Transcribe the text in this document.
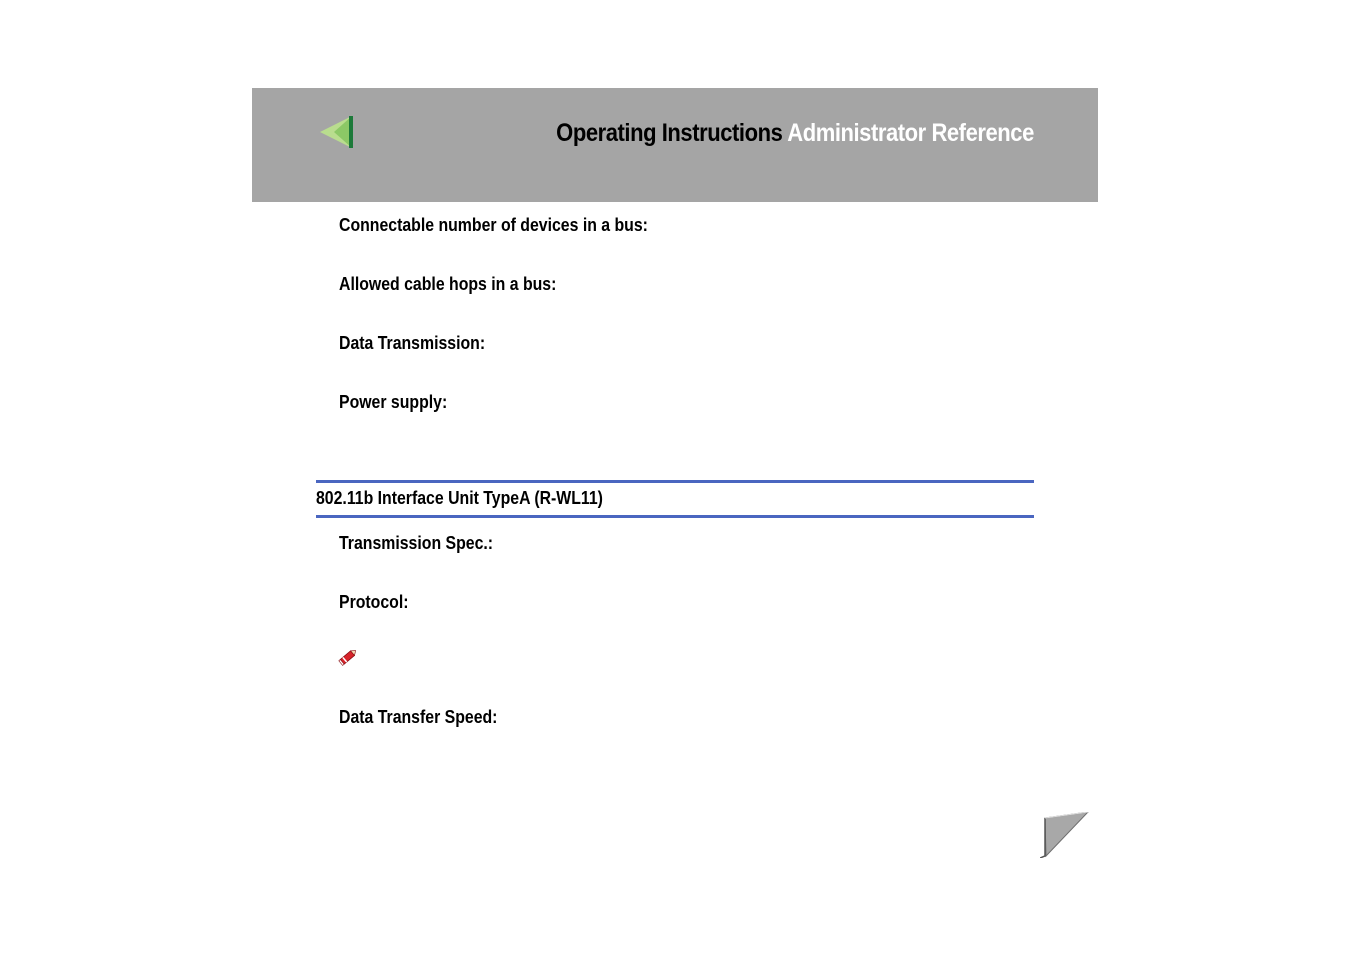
Operating Instructions Administrator Reference
Connectable number of devices in a bus:
Allowed cable hops in a bus:
Data Transmission:
Power supply:
802.11b Interface Unit TypeA (R-WL11)
Transmission Spec.:
Protocol:
Data Transfer Speed:
